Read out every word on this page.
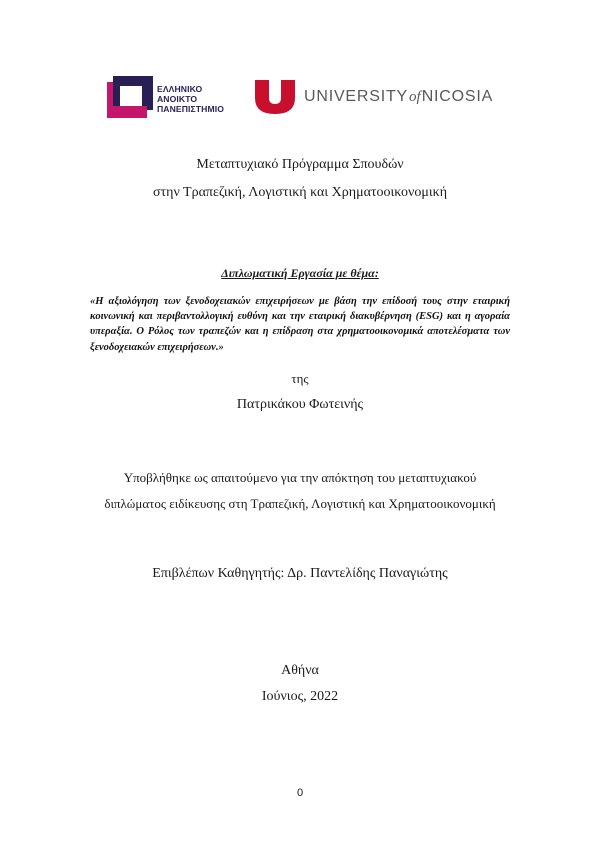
ΕΛΛΗΝΙΚΟ
ΑΝΟΙΚΤΟ
ΠΑΝΕΠΙΣΤΗΜΙΟ
UNIVERSITYofNICOSIA
Μεταπτυχιακό Πρόγραμμα Σπουδών
στην Τραπεζική, Λογιστική και Χρηματοοικονομική
Διπλωματική Εργασία με θέμα:
«Η αξιολόγηση των ξενοδοχειακών επιχειρήσεων με βάση την επίδοσή τους στην εταιρική κοινωνική και περιβαντολλογική ευθύνη και την εταιρική διακυβέρνηση (ESG) και η αγοραία υπεραξία. Ο Ρόλος των τραπεζών και η επίδραση στα χρηματοοικονομικά αποτελέσματα των ξενοδοχειακών επιχειρήσεων.»
της
Πατρικάκου Φωτεινής
Υποβλήθηκε ως απαιτούμενο για την απόκτηση του μεταπτυχιακού
διπλώματος ειδίκευσης στη Τραπεζική, Λογιστική και Χρηματοοικονομική
Επιβλέπων Καθηγητής: Δρ. Παντελίδης Παναγιώτης
Αθήνα
Ιούνιος, 2022
0
